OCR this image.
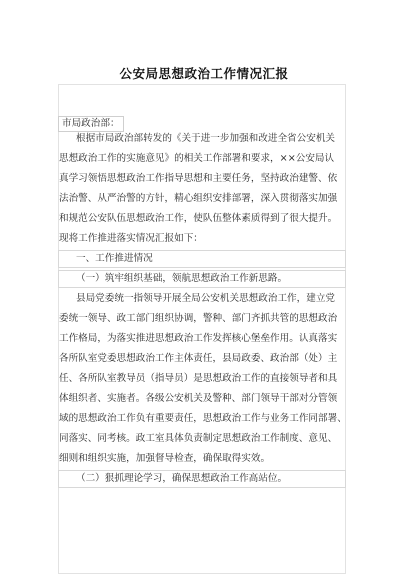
公安局思想政治工作情况汇报
市局政治部：
根据市局政治部转发的《关于进一步加强和改进全省公安机关
思想政治工作的实施意见》的相关工作部署和要求，××公安局认
真学习领悟思想政治工作指导思想和主要任务，坚持政治建警、依
法治警、从严治警的方针，精心组织安排部署，深入贯彻落实加强
和规范公安队伍思想政治工作，使队伍整体素质得到了很大提升。
现将工作推进落实情况汇报如下：
一、工作推进情况
（一）筑牢组织基础，领航思想政治工作新思路。
县局党委统一指领导开展全局公安机关思想政治工作，建立党
委统一领导、政工部门组织协调，警种、部门齐抓共管的思想政治
工作格局，为落实推进思想政治工作发挥核心堡垒作用。认真落实
各所队室党委思想政治工作主体责任，县局政委、政治部（处）主
任、各所队室教导员（指导员）是思想政治工作的直接领导者和具
体组织者、实施者。各级公安机关及警种、部门领导干部对分管领
域的思想政治工作负有重要责任，思想政治工作与业务工作同部署、
同落实、同考核。政工室具体负责制定思想政治工作制度、意见、
细则和组织实施，加强督导检查，确保取得实效。
（二）狠抓理论学习，确保思想政治工作高站位。
